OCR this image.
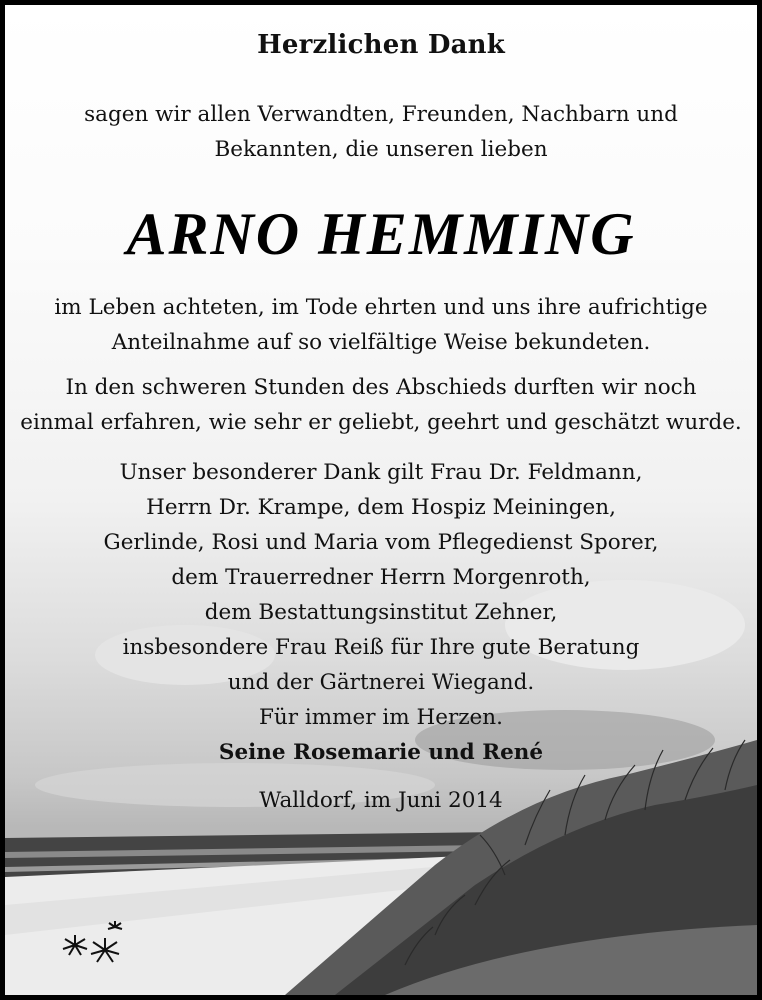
Herzlichen Dank
sagen wir allen Verwandten, Freunden, Nachbarn und
Bekannten, die unseren lieben
ARNO HEMMING
im Leben achteten, im Tode ehrten und uns ihre aufrichtige
Anteilnahme auf so vielfältige Weise bekundeten.
In den schweren Stunden des Abschieds durften wir noch
einmal erfahren, wie sehr er geliebt, geehrt und geschätzt wurde.
Unser besonderer Dank gilt Frau Dr. Feldmann,
Herrn Dr. Krampe, dem Hospiz Meiningen,
Gerlinde, Rosi und Maria vom Pflegedienst Sporer,
dem Trauerredner Herrn Morgenroth,
dem Bestattungsinstitut Zehner,
insbesondere Frau Reiß für Ihre gute Beratung
und der Gärtnerei Wiegand.
Für immer im Herzen.
Seine Rosemarie und René
Walldorf, im Juni 2014
